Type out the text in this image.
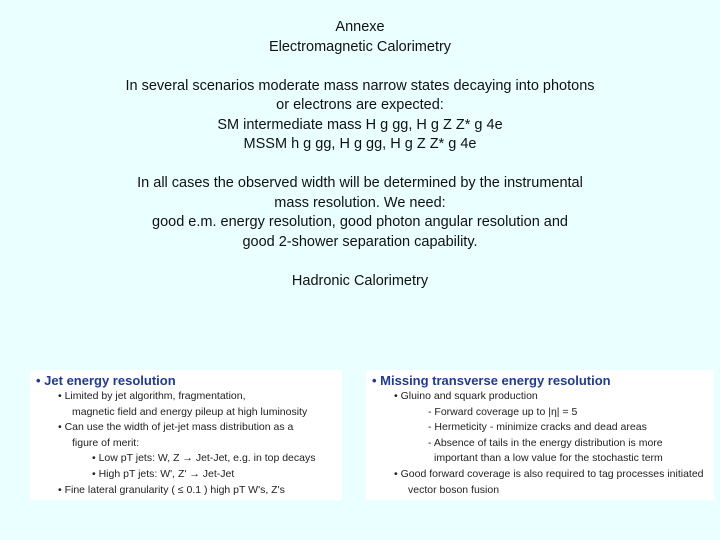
Annexe
Electromagnetic Calorimetry
In several scenarios moderate mass narrow states decaying into photons
or electrons are expected:
SM intermediate mass H g gg, H g Z Z* g 4e
MSSM h g gg, H g gg, H g Z Z* g 4e
In all cases the observed width will be determined by the instrumental
mass resolution. We need:
good e.m. energy resolution, good photon angular resolution and
good 2-shower separation capability.
Hadronic Calorimetry
• Jet energy resolution
• Limited by jet algorithm, fragmentation,
magnetic field and energy pileup at high luminosity
• Can use the width of jet-jet mass distribution as a
figure of merit:
• Low pT jets: W, Z → Jet-Jet, e.g. in top decays
• High pT jets: W', Z' → Jet-Jet
• Fine lateral granularity ( ≤ 0.1 ) high pT W's, Z's
• Missing transverse energy resolution
• Gluino and squark production
- Forward coverage up to |η| = 5
- Hermeticity - minimize cracks and dead areas
- Absence of tails in the energy distribution is more
important than a low value for the stochastic term
• Good forward coverage is also required to tag processes initiated
vector boson fusion
